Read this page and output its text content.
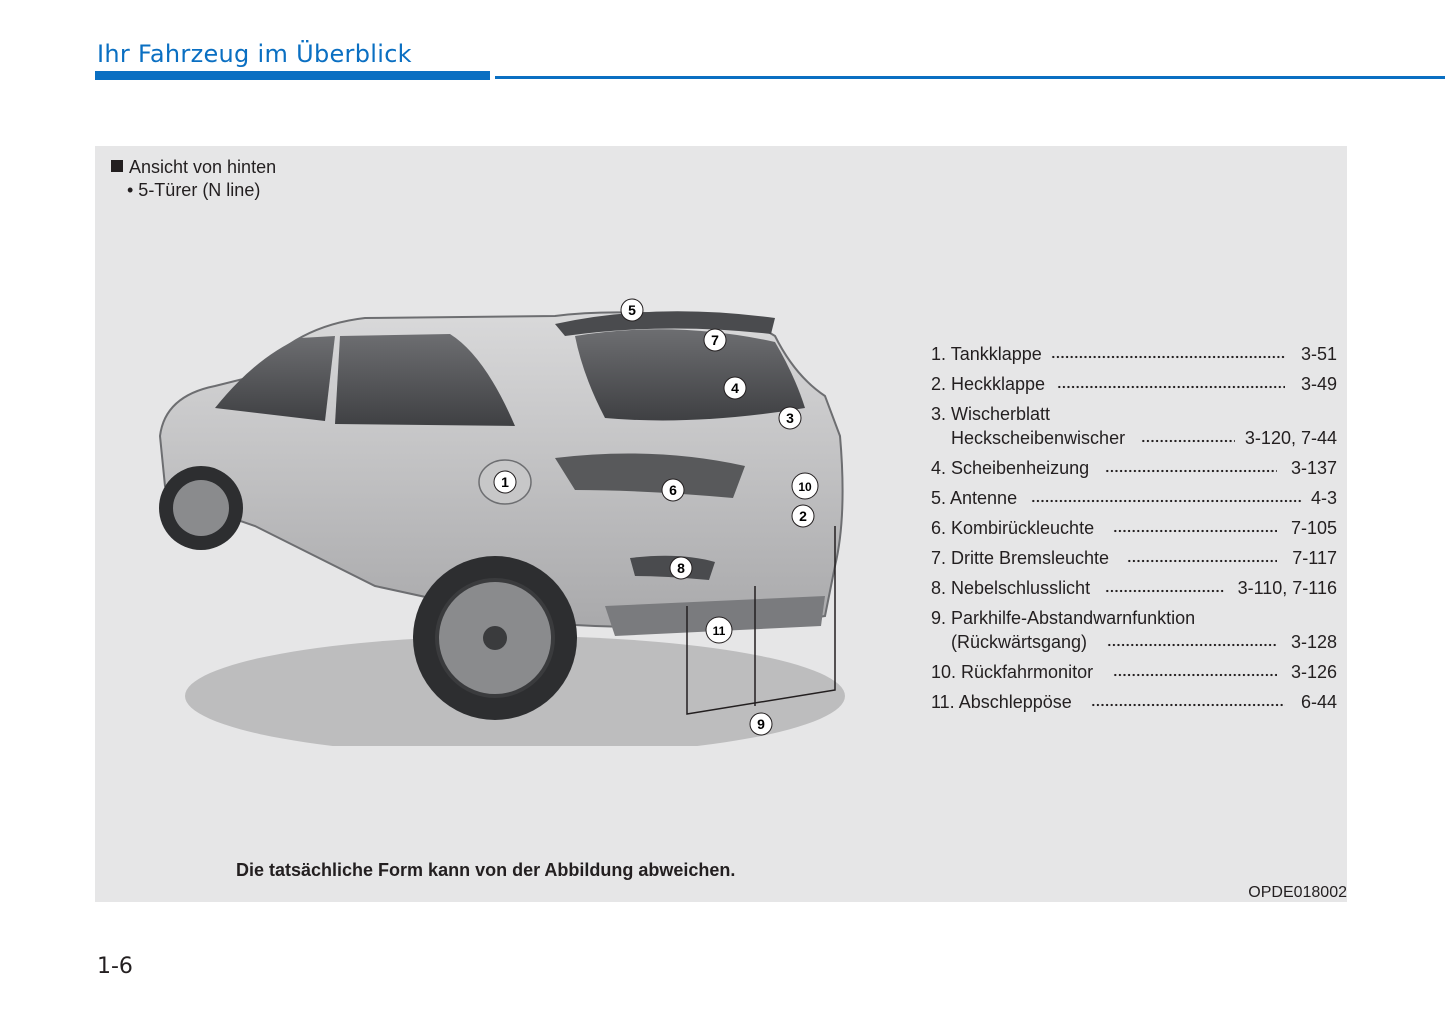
Ihr Fahrzeug im Überblick
Ansicht von hinten
• 5-Türer (N line)
1
2
3
4
5
6
7
8
9
10
11
1. Tankklappe	3-51
2. Heckklappe	3-49
3. Wischerblatt
Heckscheibenwischer	3-120, 7-44
4. Scheibenheizung	3-137
5. Antenne	4-3
6. Kombirückleuchte	7-105
7. Dritte Bremsleuchte	7-117
8. Nebelschlusslicht	3-110, 7-116
9. Parkhilfe-Abstandwarnfunktion
(Rückwärtsgang)	3-128
10. Rückfahrmonitor	3-126
11. Abschleppöse	6-44
Die tatsächliche Form kann von der Abbildung abweichen.
OPDE018002
1-6
